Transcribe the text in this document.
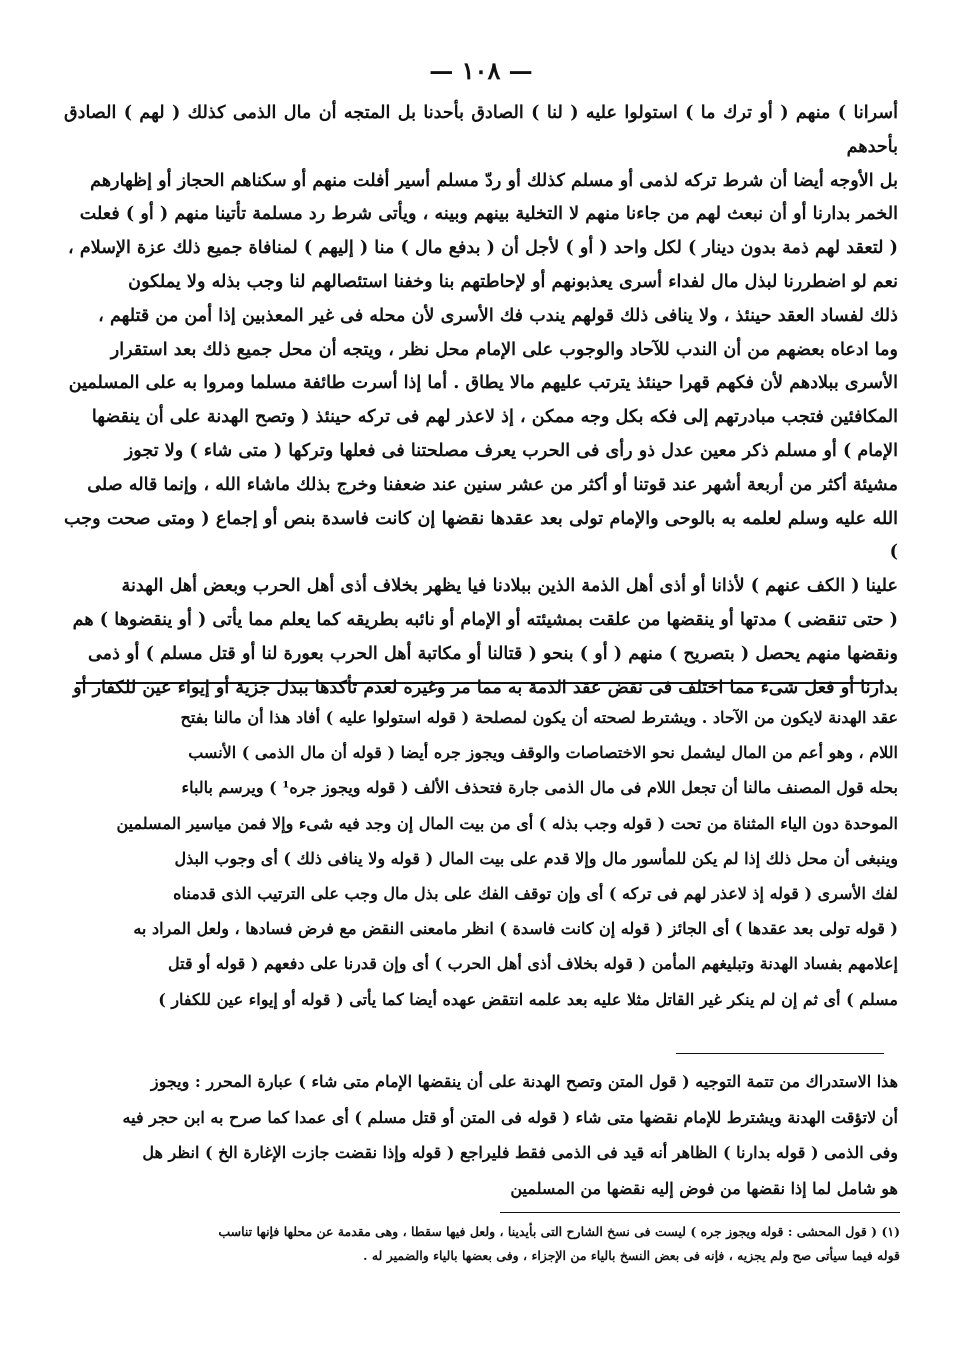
— ١٠٨ —

أسرانا ) منهم ( أو ترك ما ) استولوا عليه ( لنا ) الصادق بأحدنا بل المتجه أن مال الذمى كذلك ( لهم ) الصادق بأحدهم

بل الأوجه أيضا أن شرط تركه لذمى أو مسلم كذلك أو ردّ مسلم أسير أفلت منهم أو سكناهم الحجاز أو إظهارهم

الخمر بدارنا أو أن نبعث لهم من جاءنا منهم لا التخلية بينهم وبينه ، ويأتى شرط رد مسلمة تأتينا منهم ( أو ) فعلت

( لتعقد لهم ذمة بدون دينار ) لكل واحد ( أو ) لأجل أن ( بدفع مال ) منا ( إليهم ) لمنافاة جميع ذلك عزة الإسلام ،

نعم لو اضطررنا لبذل مال لفداء أسرى يعذبونهم أو لإحاطتهم بنا وخفنا استئصالهم لنا وجب بذله ولا يملكون

ذلك لفساد العقد حينئذ ، ولا ينافى ذلك قولهم يندب فك الأسرى لأن محله فى غير المعذبين إذا أمن من قتلهم ،

وما ادعاه بعضهم من أن الندب للآحاد والوجوب على الإمام محل نظر ، ويتجه أن محل جميع ذلك بعد استقرار

الأسرى ببلادهم لأن فكهم قهرا حينئذ يترتب عليهم مالا يطاق . أما إذا أسرت طائفة مسلما ومروا به على المسلمين

المكافئين فتجب مبادرتهم إلى فكه بكل وجه ممكن ، إذ لاعذر لهم فى تركه حينئذ ( وتصح الهدنة على أن ينقضها

الإمام ) أو مسلم ذكر معين عدل ذو رأى فى الحرب يعرف مصلحتنا فى فعلها وتركها ( متى شاء ) ولا تجوز

مشيئة أكثر من أربعة أشهر عند قوتنا أو أكثر من عشر سنين عند ضعفنا وخرج بذلك ماشاء الله ، وإنما قاله صلى

الله عليه وسلم لعلمه به بالوحى والإمام تولى بعد عقدها نقضها إن كانت فاسدة بنص أو إجماع ( ومتى صحت وجب )

علينا ( الكف عنهم ) لأذانا أو أذى أهل الذمة الذين ببلادنا فيا يظهر بخلاف أذى أهل الحرب وبعض أهل الهدنة

( حتى تنقضى ) مدتها أو ينقضها من علقت بمشيئته أو الإمام أو نائبه بطريقه كما يعلم مما يأتى ( أو ينقضوها ) هم

ونقضها منهم يحصل ( بتصريح ) منهم ( أو ) بنحو ( قتالنا أو مكاتبة أهل الحرب بعورة لنا أو قتل مسلم ) أو ذمى

بدارنا أو فعل شىء مما اختلف فى نقض عقد الذمة به مما مر وغيره لعدم تأكدها ببذل جزية أو إيواء عين للكفار أو

عقد الهدنة لايكون من الآحاد . ويشترط لصحته أن يكون لمصلحة ( قوله استولوا عليه ) أفاد هذا أن مالنا بفتح

اللام ، وهو أعم من المال ليشمل نحو الاختصاصات والوقف ويجوز جره أيضا ( قوله أن مال الذمى ) الأنسب

بحله قول المصنف مالنا أن تجعل اللام فى مال الذمى جارة فتحذف الألف ( قوله ويجوز جره¹ ) ويرسم بالباء

الموحدة دون الياء المثناة من تحت ( قوله وجب بذله ) أى من بيت المال إن وجد فيه شىء وإلا فمن مياسير المسلمين

وينبغى أن محل ذلك إذا لم يكن للمأسور مال وإلا قدم على بيت المال ( قوله ولا ينافى ذلك ) أى وجوب البذل

لفك الأسرى ( قوله إذ لاعذر لهم فى تركه ) أى وإن توقف الفك على بذل مال وجب على الترتيب الذى قدمناه

( قوله تولى بعد عقدها ) أى الجائز ( قوله إن كانت فاسدة ) انظر مامعنى النقض مع فرض فسادها ، ولعل المراد به

إعلامهم بفساد الهدنة وتبليغهم المأمن ( قوله بخلاف أذى أهل الحرب ) أى وإن قدرنا على دفعهم ( قوله أو قتل

مسلم ) أى ثم إن لم ينكر غير القاتل مثلا عليه بعد علمه انتقض عهده أيضا كما يأتى ( قوله أو إيواء عين للكفار )

هذا الاستدراك من تتمة التوجيه ( قول المتن وتصح الهدنة على أن ينقضها الإمام متى شاء ) عبارة المحرر : ويجوز

أن لاتؤقت الهدنة ويشترط للإمام نقضها متى شاء ( قوله فى المتن أو قتل مسلم ) أى عمدا كما صرح به ابن حجر فيه

وفى الذمى ( قوله بدارنا ) الظاهر أنه قيد فى الذمى فقط فليراجع ( قوله وإذا نقضت جازت الإغارة الخ ) انظر هل

هو شامل لما إذا نقضها من فوض إليه نقضها من المسلمين

(١) ( قول المحشى : قوله ويجوز جره ) ليست فى نسخ الشارح التى بأيدينا ، ولعل فيها سقطا ، وهى مقدمة عن محلها فإنها تناسب

قوله فيما سيأتى صح ولم يجزيه ، فإنه فى بعض النسخ بالياء من الإجزاء ، وفى بعضها بالياء والضمير له .
